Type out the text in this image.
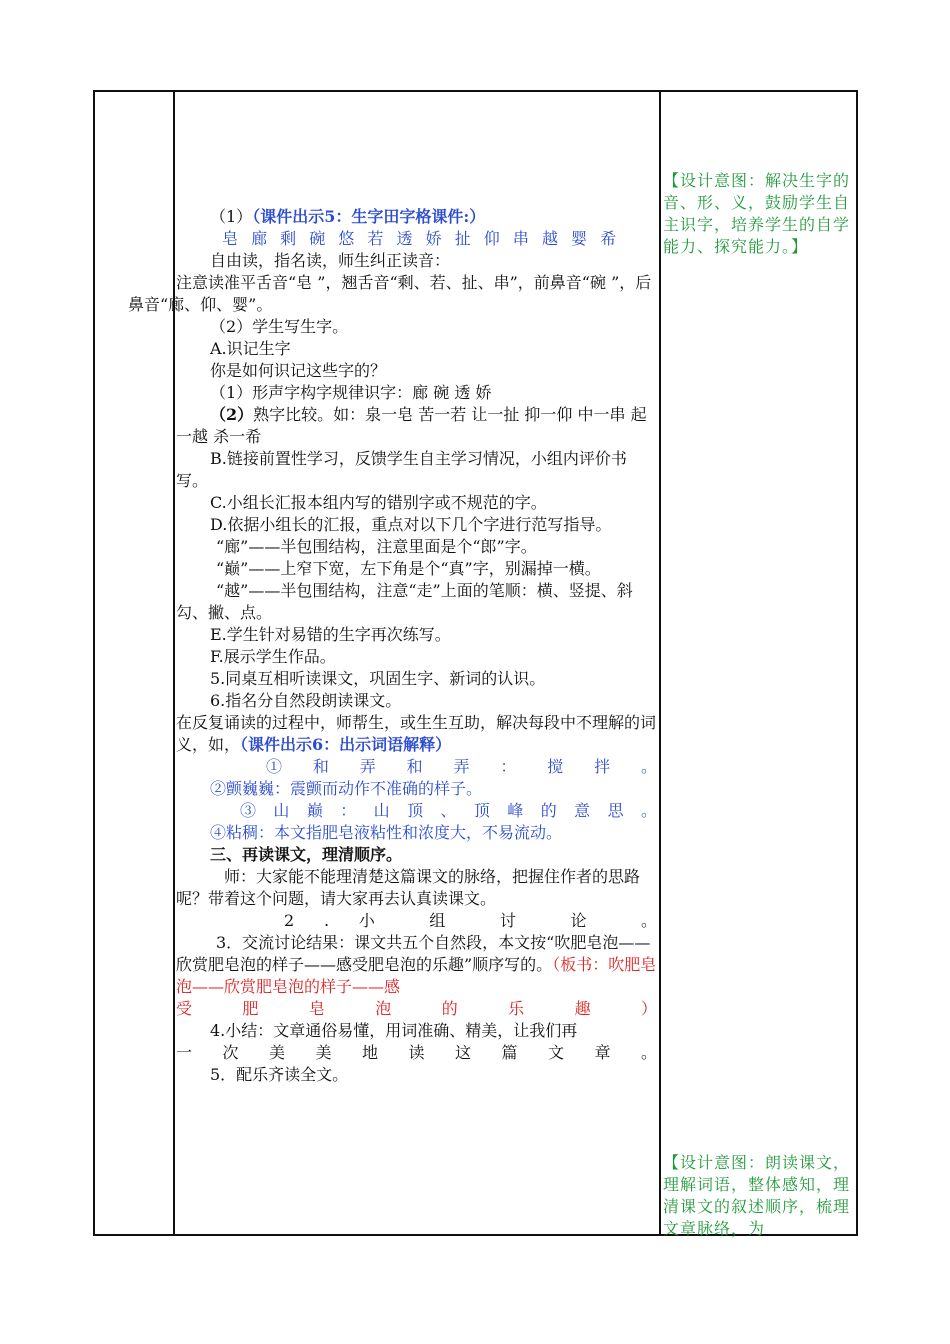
（1）（课件出示5：生字田字格课件:）

皂 廊 剩 碗 悠 若 透 娇 扯 仰 串 越 婴 希

自由读，指名读，师生纠正读音：

注意读准平舌音“皂 ”，翘舌音“剩、若、扯、串”，前鼻音“碗 ”，后鼻音“廊、仰、婴”。

（2）学生写生字。

A.识记生字

你是如何识记这些字的？

（1）形声字构字规律识字：廊 碗 透 娇

（2）熟字比较。如：泉一皂 苦一若 让一扯 抑一仰 中一串 起一越 杀一希

B.链接前置性学习，反馈学生自主学习情况，小组内评价书写。

C.小组长汇报本组内写的错别字或不规范的字。

D.依据小组长的汇报，重点对以下几个字进行范写指导。

“廊”——半包围结构，注意里面是个“郎”字。

“巅”——上窄下宽，左下角是个“真”字，别漏掉一横。

“越”——半包围结构，注意“走”上面的笔顺：横、竖提、斜勾、撇、点。

E.学生针对易错的生字再次练写。

F.展示学生作品。

5.同桌互相听读课文，巩固生字、新词的认识。

6.指名分自然段朗读课文。

在反复诵读的过程中，师帮生，或生生互助，解决每段中不理解的词义，如，（课件出示6：出示词语解释）

① 和 弄 和 弄 ： 搅 拌 。

②颤巍巍：震颤而动作不准确的样子。

③ 山 巅 ： 山 顶 、 顶 峰 的 意 思 。

④粘稠：本文指肥皂液粘性和浓度大，不易流动。

三、再读课文，理清顺序。

师：大家能不能理清楚这篇课文的脉络，把握住作者的思路呢？带着这个问题，请大家再去认真读课文。

2 . 小 组 讨 论 。

3．交流讨论结果：课文共五个自然段，本文按“吹肥皂泡——欣赏肥皂泡的样子——感受肥皂泡的乐趣”顺序写的。（板书：吹肥皂泡——欣赏肥皂泡的样子——感

受 肥 皂 泡 的 乐 趣 ）

4.小结：文章通俗易懂，用词准确、精美，让我们再

一 次 美 美 地 读 这 篇 文 章 。

5．配乐齐读全文。

【设计意图：解决生字的音、形、义，鼓励学生自主识字，培养学生的自学能力、探究能力。】
【设计意图：朗读课文，理解词语，整体感知，理清课文的叙述顺序，梳理文章脉络，为
